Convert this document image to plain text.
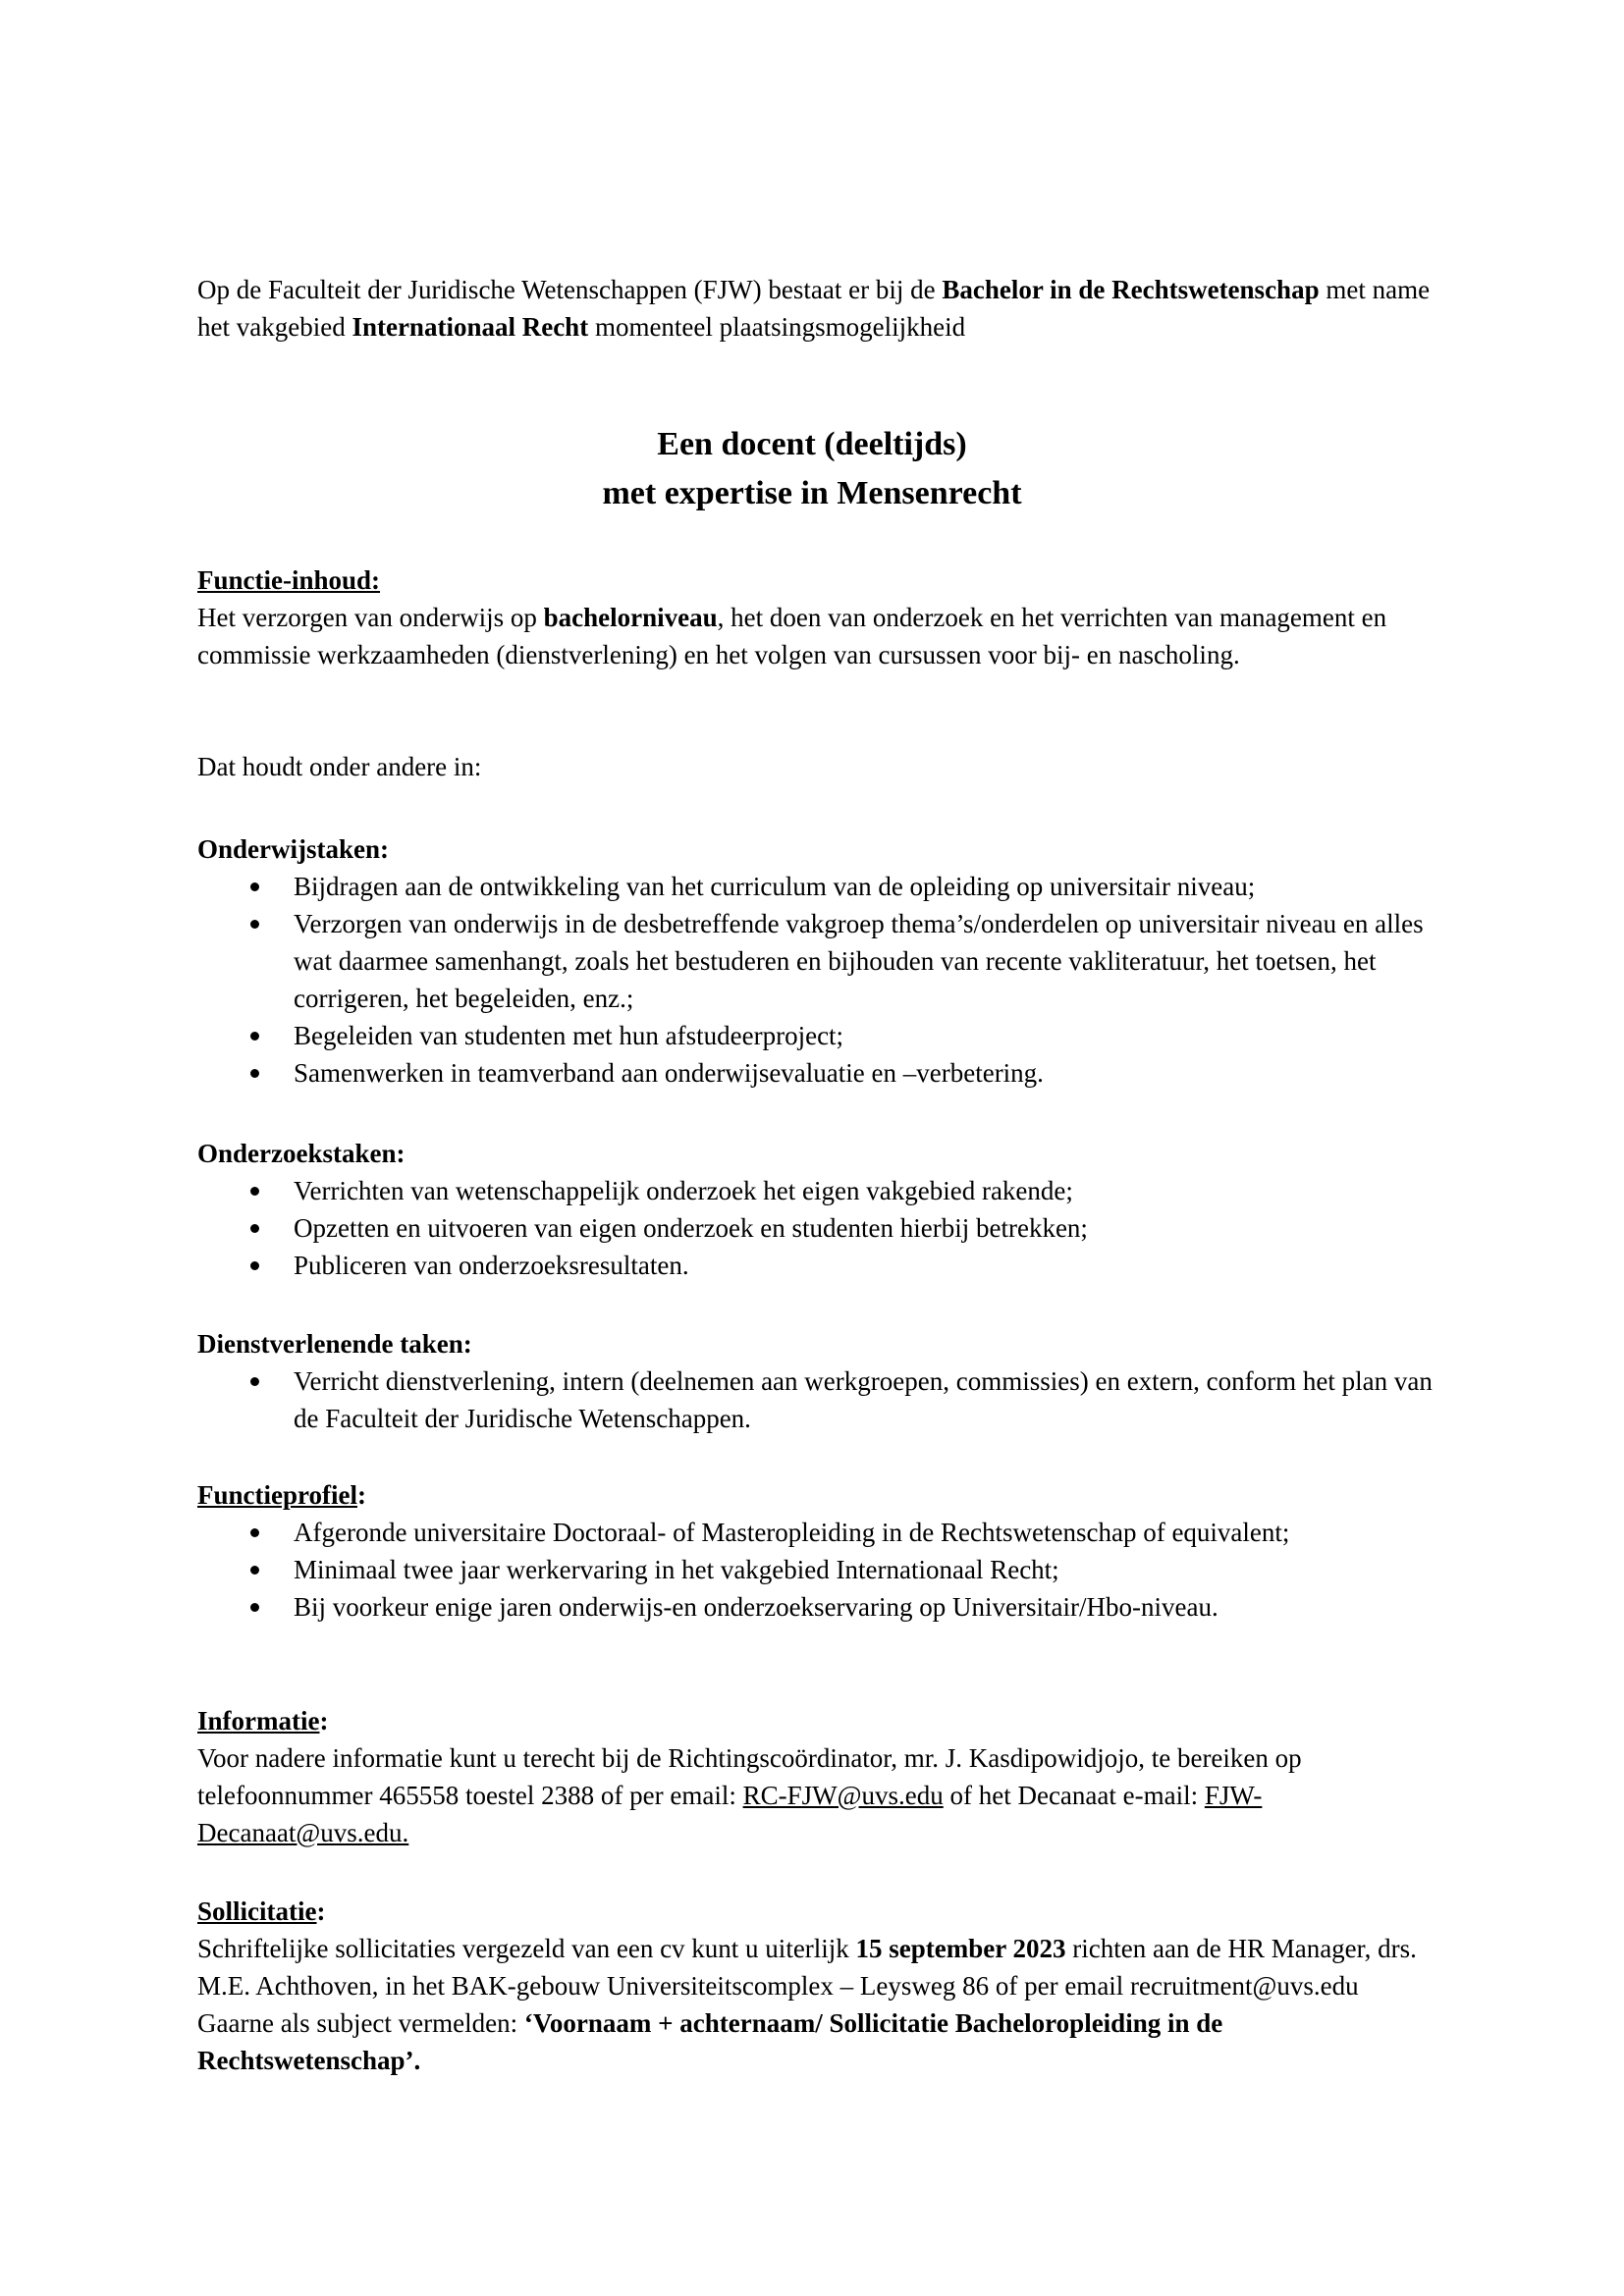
Op de Faculteit der Juridische Wetenschappen (FJW) bestaat er bij de Bachelor in de Rechtswetenschap met name het vakgebied Internationaal Recht momenteel plaatsingsmogelijkheid

Een docent (deeltijds)
met expertise in Mensenrecht

Functie-inhoud:

Het verzorgen van onderwijs op bachelorniveau, het doen van onderzoek en het verrichten van management en commissie werkzaamheden (dienstverlening) en het volgen van cursussen voor bij- en nascholing.

Dat houdt onder andere in:

Onderwijstaken:

Bijdragen aan de ontwikkeling van het curriculum van de opleiding op universitair niveau;
Verzorgen van onderwijs in de desbetreffende vakgroep thema’s/onderdelen op universitair niveau en alles wat daarmee samenhangt, zoals het bestuderen en bijhouden van recente vakliteratuur, het toetsen, het corrigeren, het begeleiden, enz.;
Begeleiden van studenten met hun afstudeerproject;
Samenwerken in teamverband aan onderwijsevaluatie en –verbetering.

Onderzoekstaken:

Verrichten van wetenschappelijk onderzoek het eigen vakgebied rakende;
Opzetten en uitvoeren van eigen onderzoek en studenten hierbij betrekken;
Publiceren van onderzoeksresultaten.

Dienstverlenende taken:

Verricht dienstverlening, intern (deelnemen aan werkgroepen, commissies) en extern, conform het plan van de Faculteit der Juridische Wetenschappen.

Functieprofiel:

Afgeronde universitaire Doctoraal- of Masteropleiding in de Rechtswetenschap of equivalent;
Minimaal twee jaar werkervaring in het vakgebied Internationaal Recht;
Bij voorkeur enige jaren onderwijs-en onderzoekservaring op Universitair/Hbo-niveau.

Informatie:

Voor nadere informatie kunt u terecht bij de Richtingscoördinator, mr. J. Kasdipowidjojo, te bereiken op telefoonnummer 465558 toestel 2388 of per email: RC-FJW@uvs.edu of het Decanaat e-mail: FJW-Decanaat@uvs.edu.

Sollicitatie:

Schriftelijke sollicitaties vergezeld van een cv kunt u uiterlijk 15 september 2023 richten aan de HR Manager, drs. M.E. Achthoven, in het BAK-gebouw Universiteitscomplex – Leysweg 86 of per email recruitment@uvs.edu

Gaarne als subject vermelden: ‘Voornaam + achternaam/ Sollicitatie Bacheloropleiding in de Rechtswetenschap’.
